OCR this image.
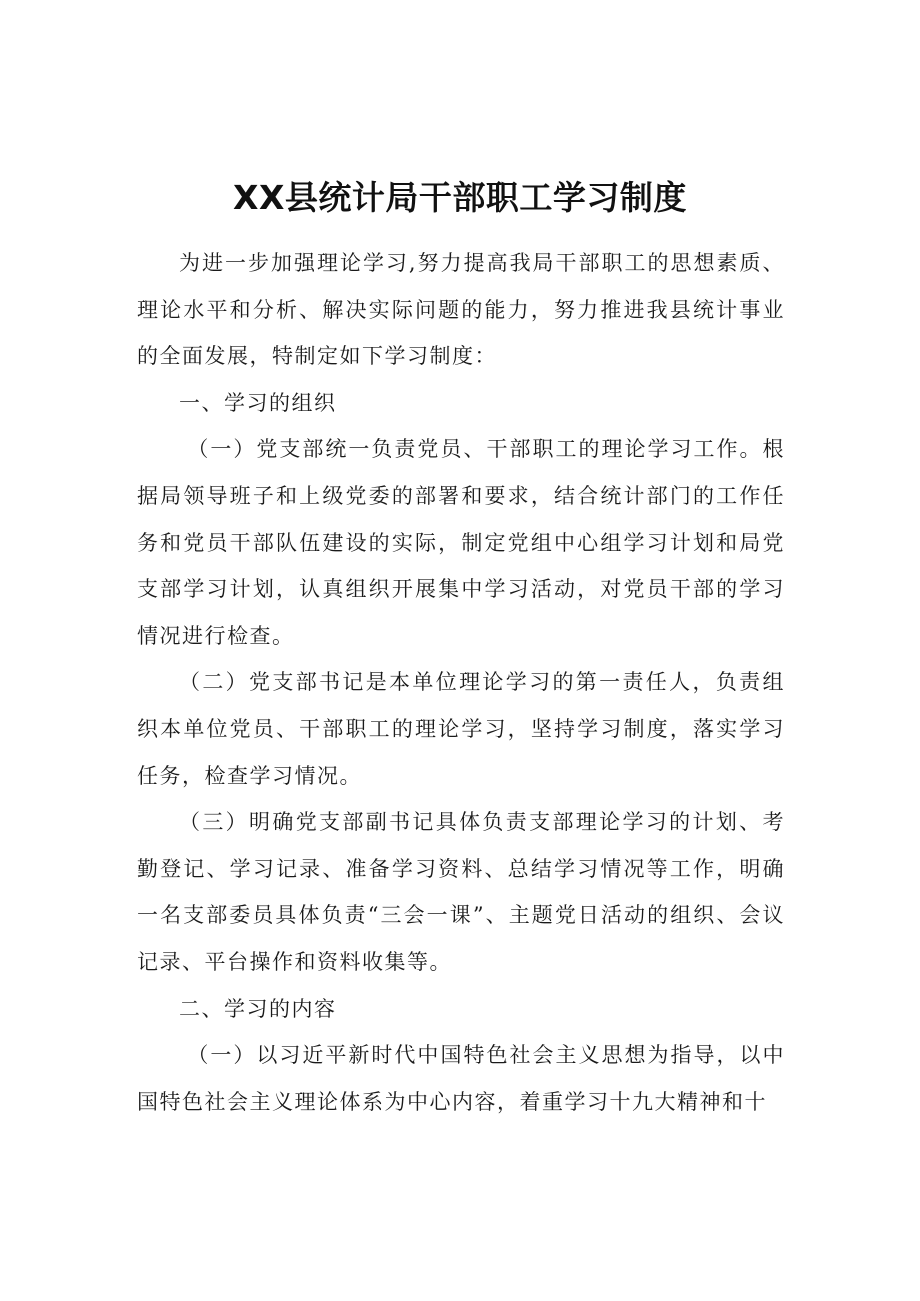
XX县统计局干部职工学习制度

为进一步加强理论学习,努力提高我局干部职工的思想素质、理论水平和分析、解决实际问题的能力，努力推进我县统计事业的全面发展，特制定如下学习制度：

一、学习的组织

（一）党支部统一负责党员、干部职工的理论学习工作。根据局领导班子和上级党委的部署和要求，结合统计部门的工作任务和党员干部队伍建设的实际，制定党组中心组学习计划和局党支部学习计划，认真组织开展集中学习活动，对党员干部的学习情况进行检查。

（二）党支部书记是本单位理论学习的第一责任人，负责组织本单位党员、干部职工的理论学习，坚持学习制度，落实学习任务，检查学习情况。

（三）明确党支部副书记具体负责支部理论学习的计划、考勤登记、学习记录、准备学习资料、总结学习情况等工作，明确一名支部委员具体负责“三会一课”、主题党日活动的组织、会议记录、平台操作和资料收集等。

二、学习的内容

（一）以习近平新时代中国特色社会主义思想为指导，以中国特色社会主义理论体系为中心内容，着重学习十九大精神和十
